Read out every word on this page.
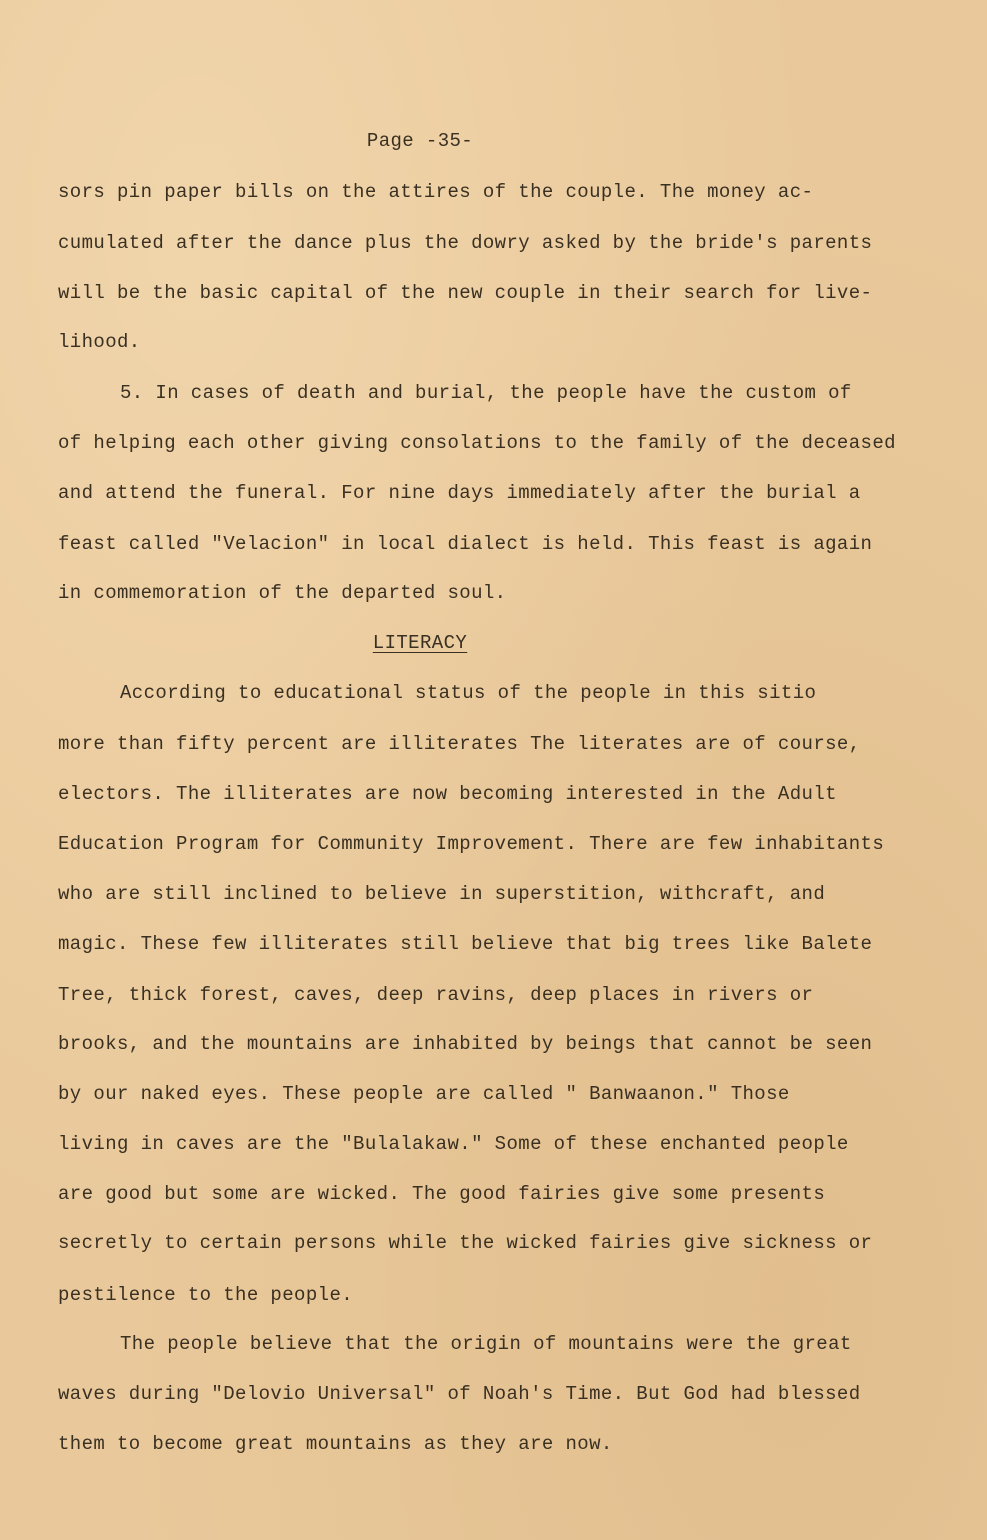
Page -35-
sors pin paper bills on the attires of the couple. The money ac-
cumulated after the dance plus the dowry asked by the bride's parents
will be the basic capital of the new couple in their search for live-
lihood.
5. In cases of death and burial, the people have the custom of
of helping each other giving consolations to the family of the deceased
and attend the funeral. For nine days immediately after the burial a
feast called "Velacion" in local dialect is held. This feast is again
in commemoration of the departed soul.
LITERACY
According to educational status of the people in this sitio
more than fifty percent are illiterates The literates are of course,
electors. The illiterates are now becoming interested in the Adult
Education Program for Community Improvement. There are few inhabitants
who are still inclined to believe in superstition, withcraft, and
magic. These few illiterates still believe that big trees like Balete
Tree, thick forest, caves, deep ravins, deep places in rivers or
brooks, and the mountains are inhabited by beings that cannot be seen
by our naked eyes. These people are called " Banwaanon." Those
living in caves are the "Bulalakaw." Some of these enchanted people
are good but some are wicked. The good fairies give some presents
secretly to certain persons while the wicked fairies give sickness or
pestilence to the people.
The people believe that the origin of mountains were the great
waves during "Delovio Universal" of Noah's Time. But God had blessed
them to become great mountains as they are now.
